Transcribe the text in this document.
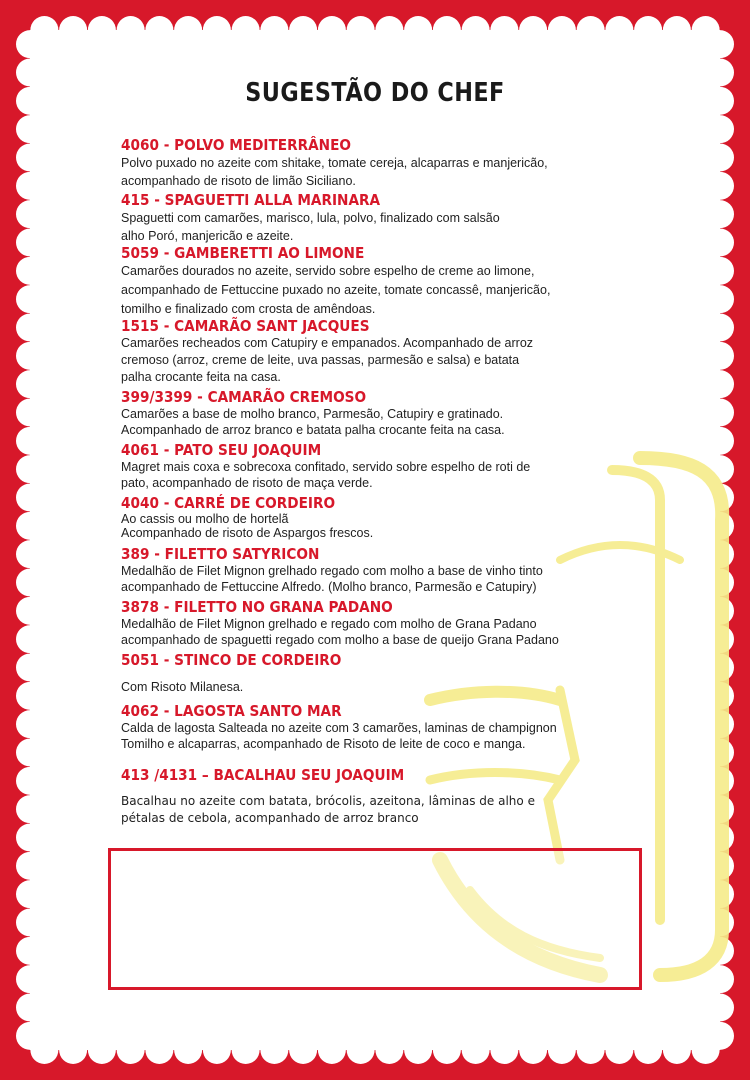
SUGESTÃO DO CHEF
4060 - POLVO MEDITERRÂNEO
Polvo puxado no azeite com shitake, tomate cereja, alcaparras e manjericão,
acompanhado de risoto de limão Siciliano.
415 - SPAGUETTI ALLA MARINARA
Spaguetti com camarões, marisco, lula, polvo, finalizado com salsão
alho Poró, manjericão e azeite.
5059 - GAMBERETTI AO LIMONE
Camarões dourados no azeite, servido sobre espelho de creme ao limone,
acompanhado de Fettuccine puxado no azeite, tomate concassê, manjericão,
tomilho e finalizado com crosta de amêndoas.
1515 - CAMARÃO SANT JACQUES
Camarões recheados com Catupiry e empanados. Acompanhado de arroz
cremoso (arroz, creme de leite, uva passas, parmesão e salsa) e batata
palha crocante feita na casa.
399/3399 - CAMARÃO CREMOSO
Camarões a base de molho branco, Parmesão, Catupiry e gratinado.
Acompanhado de arroz branco e batata palha crocante feita na casa.
4061 - PATO SEU JOAQUIM
Magret mais coxa e sobrecoxa confitado, servido sobre espelho de roti de
pato, acompanhado de risoto de maça verde.
4040 - CARRÉ DE CORDEIRO
Ao cassis ou molho de hortelã
Acompanhado de risoto de Aspargos frescos.
389 - FILETTO SATYRICON
Medalhão de Filet Mignon grelhado regado com molho a base de vinho tinto
acompanhado de Fettuccine Alfredo. (Molho branco, Parmesão e Catupiry)
3878 - FILETTO NO GRANA PADANO
Medalhão de Filet Mignon grelhado e regado com molho de Grana Padano
acompanhado de spaguetti regado com molho a base de queijo Grana Padano
5051 - STINCO DE CORDEIRO
Com Risoto Milanesa.
4062 - LAGOSTA SANTO MAR
Calda de lagosta Salteada no azeite com 3 camarões, laminas de champignon
Tomilho e alcaparras, acompanhado de Risoto de leite de coco e manga.
413 /4131 – BACALHAU SEU JOAQUIM
Bacalhau no azeite com batata, brócolis, azeitona, lâminas de alho e
pétalas de cebola, acompanhado de arroz branco
